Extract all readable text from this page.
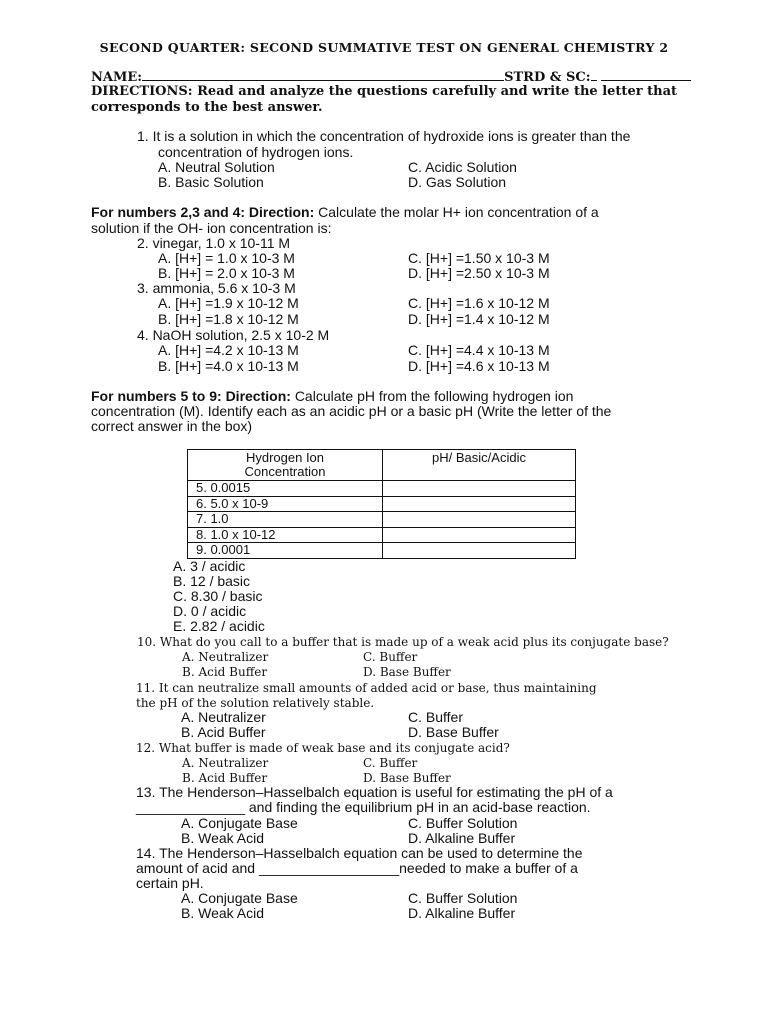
SECOND QUARTER: SECOND SUMMATIVE TEST ON GENERAL CHEMISTRY 2
NAME:	STRD & SC:
DIRECTIONS: Read and analyze the questions carefully and write the letter that
corresponds to the best answer.
1. It is a solution in which the concentration of hydroxide ions is greater than the
concentration of hydrogen ions.
A. Neutral Solution	C. Acidic Solution
B. Basic Solution	D. Gas Solution
For numbers 2,3 and 4: Direction: Calculate the molar H+ ion concentration of a
solution if the OH- ion concentration is:
2. vinegar, 1.0 x 10-11 M
A. [H+] = 1.0 x 10-3 M	C. [H+] =1.50 x 10-3 M
B. [H+] = 2.0 x 10-3 M	D. [H+] =2.50 x 10-3 M
3. ammonia, 5.6 x 10-3 M
A. [H+] =1.9 x 10-12 M	C. [H+] =1.6 x 10-12 M
B. [H+] =1.8 x 10-12 M	D. [H+] =1.4 x 10-12 M
4. NaOH solution, 2.5 x 10-2 M
A. [H+] =4.2 x 10-13 M	C. [H+] =4.4 x 10-13 M
B. [H+] =4.0 x 10-13 M	D. [H+] =4.6 x 10-13 M
For numbers 5 to 9: Direction: Calculate pH from the following hydrogen ion
concentration (M). Identify each as an acidic pH or a basic pH (Write the letter of the
correct answer in the box)
Hydrogen Ion
Concentration	pH/ Basic/Acidic
5. 0.0015	
6. 5.0 x 10-9	
7. 1.0	
8. 1.0 x 10-12	
9. 0.0001	
A. 3 / acidic
B. 12 / basic
C. 8.30 / basic
D. 0 / acidic
E. 2.82 / acidic
10. What do you call to a buffer that is made up of a weak acid plus its conjugate base?
A. Neutralizer	C. Buffer
B. Acid Buffer	D. Base Buffer
11. It can neutralize small amounts of added acid or base, thus maintaining
the pH of the solution relatively stable.
A. Neutralizer	C. Buffer
B. Acid Buffer	D. Base Buffer
12. What buffer is made of weak base and its conjugate acid?
A. Neutralizer	C. Buffer
B. Acid Buffer	D. Base Buffer
13. The Henderson–Hasselbalch equation is useful for estimating the pH of a
______________ and finding the equilibrium pH in an acid-base reaction.
A. Conjugate Base	C. Buffer Solution
B. Weak Acid	D. Alkaline Buffer
14. The Henderson–Hasselbalch equation can be used to determine the
amount of acid and __________________needed to make a buffer of a
certain pH.
A. Conjugate Base	C. Buffer Solution
B. Weak Acid	D. Alkaline Buffer
